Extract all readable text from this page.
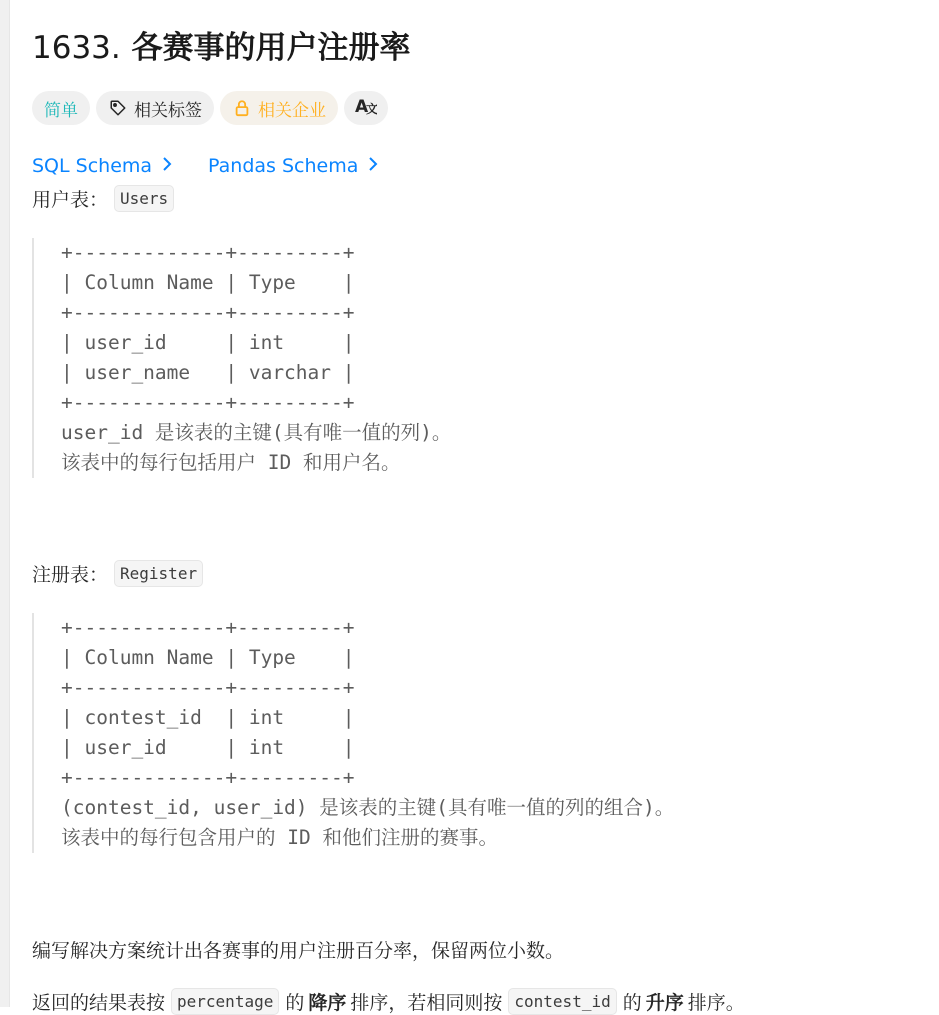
1633. 各赛事的用户注册率
简单	相关标签	相关企业 A
文
SQL Schema	Pandas Schema
用户表： Users
+-------------+---------+
| Column Name | Type    |
+-------------+---------+
| user_id     | int     |
| user_name   | varchar |
+-------------+---------+
user_id 是该表的主键(具有唯一值的列)。
该表中的每行包括用户 ID 和用户名。
注册表： Register
+-------------+---------+
| Column Name | Type    |
+-------------+---------+
| contest_id  | int     |
| user_id     | int     |
+-------------+---------+
(contest_id, user_id) 是该表的主键(具有唯一值的列的组合)。
该表中的每行包含用户的 ID 和他们注册的赛事。
编写解决方案统计出各赛事的用户注册百分率，保留两位小数。
返回的结果表按 percentage 的 降序 排序，若相同则按 contest_id 的 升序 排序。
